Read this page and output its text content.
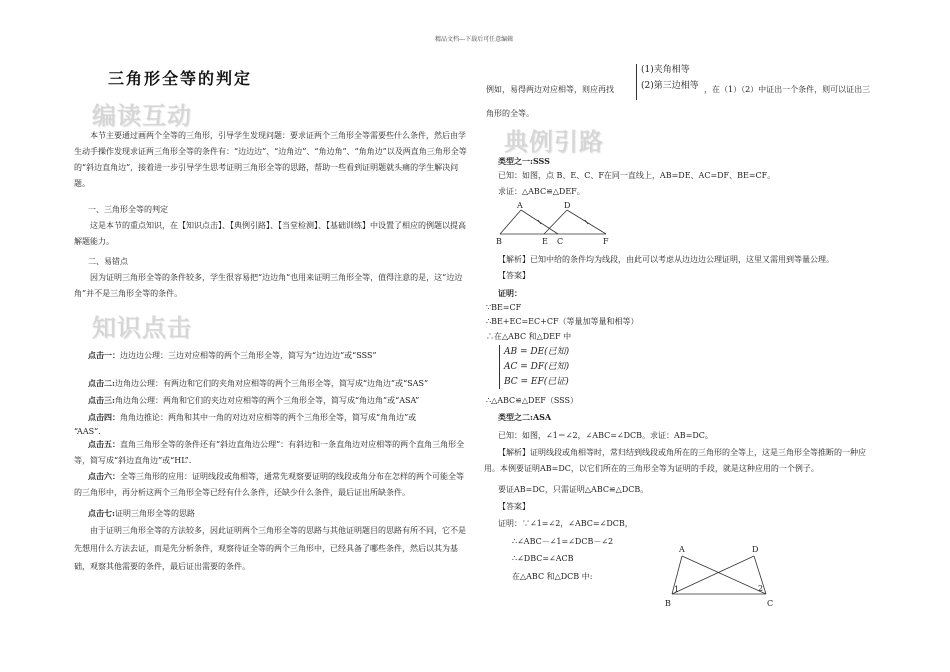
精品文档---下载后可任意编辑
三角形全等的判定
编读互动
本节主要通过画两个全等的三角形，引导学生发现问题：要求证两个三角形全等需要些什么条件，然后由学生动手操作发现求证两三角形全等的条件有：“边边边”、“边角边”、“角边角”、“角角边”以及两直角三角形全等的“斜边直角边”，接着进一步引导学生思考证明三角形全等的思路，帮助一些看到证明题就头痛的学生解决问题。
一、三角形全等的判定
这是本节的重点知识，在【知识点击】、【典例引路】、【当堂检测】、【基础训练】中设置了相应的例题以提高解题能力。
二、易错点
因为证明三角形全等的条件较多，学生很容易把“边边角”也用来证明三角形全等，值得注意的是，这“边边角”并不是三角形全等的条件。
知识点击
点击一：边边边公理：三边对应相等的两个三角形全等，简写为“边边边”或“SSS”
点击二:边角边公理：有两边和它们的夹角对应相等的两个三角形全等，简写成“边角边”或“SAS”
点击三:角边角公理：两角和它们的夹边对应相等的两个三角形全等，简写成“角边角”或“ASA”
点击四：角角边推论：两角和其中一角的对边对应相等的两个三角形全等，简写成“角角边”或
“AAS”.
点击五：直角三角形全等的条件还有“斜边直角边公理”：有斜边和一条直角边对应相等的两个直角三角形全等，简写成“斜边直角边”或“HL”.
点击六：全等三角形的应用：证明线段或角相等，通常先观察要证明的线段或角分布在怎样的两个可能全等的三角形中，再分析这两个三角形全等已经有什么条件，还缺少什么条件，最后证出所缺条件。
点击七:证明三角形全等的思路
由于证明三角形全等的方法较多，因此证明两个三角形全等的思路与其他证明题目的思路有所不同，它不是先想用什么方法去证，而是先分析条件，观察待证全等的两个三角形中，已经具备了哪些条件，然后以其为基础，观察其他需要的条件，最后证出需要的条件。
例如，易得两边对应相等，则应再找
(1)夹角相等
(2)第三边相等 ，在（1）（2）中证出一个条件，则可以证出三
角形的全等。
典例引路
类型之一:SSS
已知：如图，点 B、E、C、F在同一直线上，AB=DE、AC=DF、BE=CF。
求证：△ABC≌△DEF。
A	D
B	E C	F
【解析】已知中给的条件均为线段，由此可以考虑从边边边公理证明，这里又需用到等量公理。
【答案】
证明：
∵BE=CF
∴BE+EC=EC+CF（等量加等量和相等）
∴在△ABC 和△DEF 中
AB = DE(已知)
AC = DF(已知)
BC = EF(已证)
∴△ABC≌△DEF（SSS）
类型之二:ASA
已知：如图，∠1＝∠2，∠ABC=∠DCB。求证：AB=DC。
【解析】证明线段或角相等时，常归结到线段或角所在的三角形的全等上，这是三角形全等推断的一种应用。本例要证明AB=DC，以它们所在的三角形全等为证明的手段，就是这种应用的一个例子。
要证AB=DC，只需证明△ABC≌△DCB。
【答案】
证明：∵∠1=∠2，∠ABC=∠DCB，
∴∠ABC－∠1=∠DCB－∠2
∴∠DBC=∠ACB
在△ABC 和△DCB 中:
A	D
1	2
B	C
